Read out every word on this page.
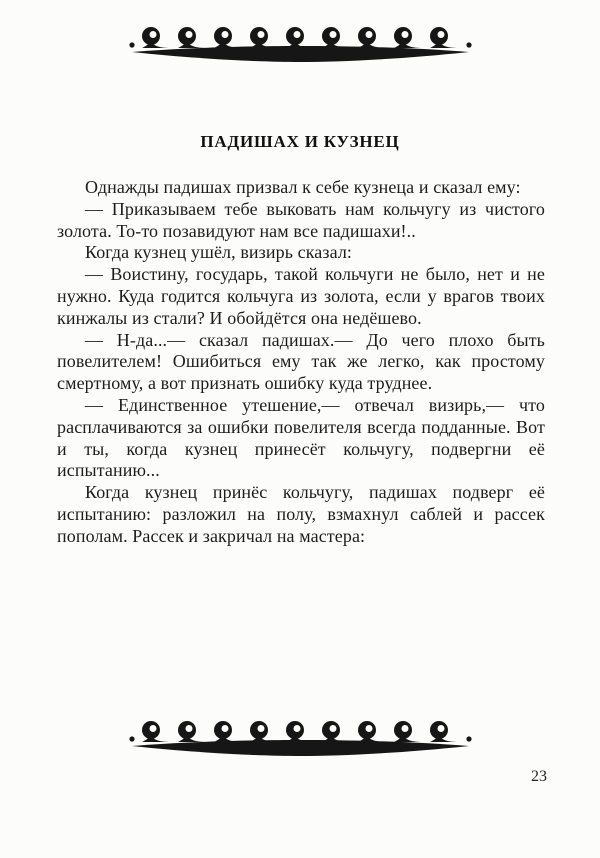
ПАДИШАХ И КУЗНЕЦ

Однажды падишах призвал к себе кузнеца и сказал ему:

— Приказываем тебе выковать нам кольчугу из чистого золота. То-то позавидуют нам все падишахи!..

Когда кузнец ушёл, визирь сказал:

— Воистину, государь, такой кольчуги не было, нет и не нужно. Куда годится кольчуга из золота, если у врагов твоих кинжалы из стали? И обойдётся она недёшево.

— Н-да...— сказал падишах.— До чего плохо быть повелителем! Ошибиться ему так же легко, как простому смертному, а вот признать ошибку куда труднее.

— Единственное утешение,— отвечал визирь,— что расплачиваются за ошибки повелителя всегда подданные. Вот и ты, когда кузнец принесёт кольчугу, подвергни её испытанию...

Когда кузнец принёс кольчугу, падишах подверг её испытанию: разложил на полу, взмахнул саблей и рассек пополам. Рассек и закричал на мастера:

23
